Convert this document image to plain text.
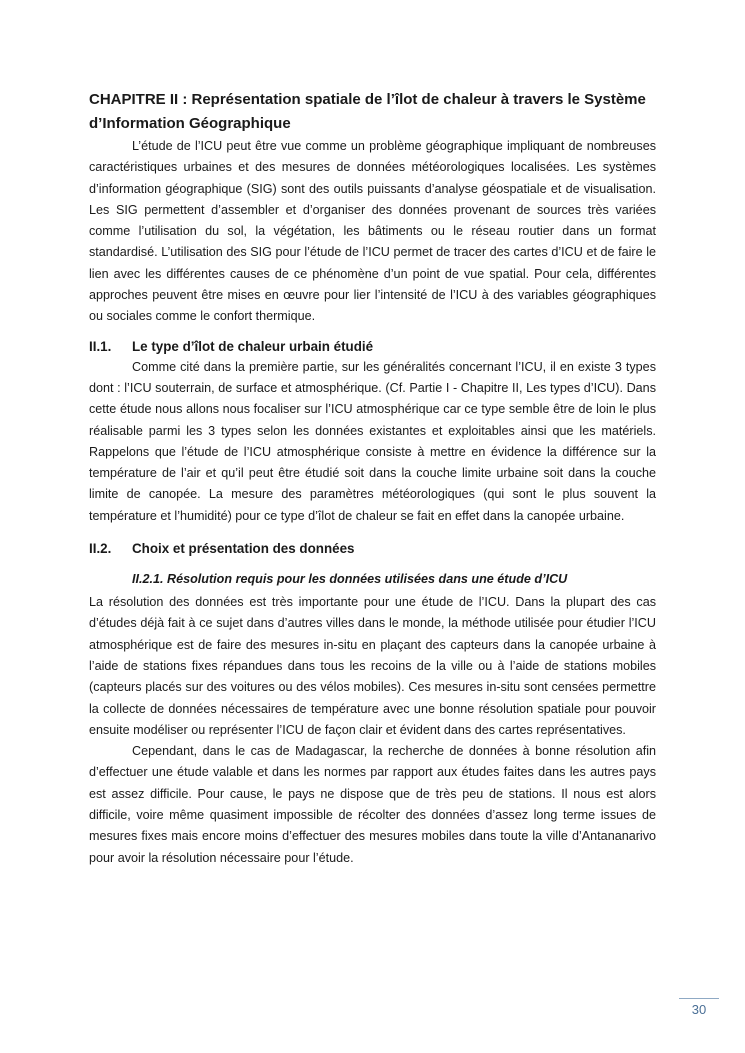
CHAPITRE II : Représentation spatiale de l’îlot de chaleur à travers le Système d’Information Géographique

L’étude de l’ICU peut être vue comme un problème géographique impliquant de nombreuses caractéristiques urbaines et des mesures de données météorologiques localisées. Les systèmes d’information géographique (SIG) sont des outils puissants d’analyse géospatiale et de visualisation. Les SIG permettent d’assembler et d’organiser des données provenant de sources très variées comme l’utilisation du sol, la végétation, les bâtiments ou le réseau routier dans un format standardisé. L’utilisation des SIG pour l’étude de l’ICU permet de tracer des cartes d’ICU et de faire le lien avec les différentes causes de ce phénomène d’un point de vue spatial. Pour cela, différentes approches peuvent être mises en œuvre pour lier l’intensité de l’ICU à des variables géographiques ou sociales comme le confort thermique.

II.1.	Le type d’îlot de chaleur urbain étudié

Comme cité dans la première partie, sur les généralités concernant l’ICU, il en existe 3 types dont : l’ICU souterrain, de surface et atmosphérique. (Cf. Partie I - Chapitre II, Les types d’ICU). Dans cette étude nous allons nous focaliser sur l’ICU atmosphérique car ce type semble être de loin le plus réalisable parmi les 3 types selon les données existantes et exploitables ainsi que les matériels. Rappelons que l’étude de l’ICU atmosphérique consiste à mettre en évidence la différence sur la température de l’air et qu’il peut être étudié soit dans la couche limite urbaine soit dans la couche limite de canopée. La mesure des paramètres météorologiques (qui sont le plus souvent la température et l’humidité) pour ce type d’îlot de chaleur se fait en effet dans la canopée urbaine.

II.2.	Choix et présentation des données
II.2.1. Résolution requis pour les données utilisées dans une étude d’ICU

La résolution des données est très importante pour une étude de l’ICU. Dans la plupart des cas d’études déjà fait à ce sujet dans d’autres villes dans le monde, la méthode utilisée pour étudier l’ICU atmosphérique est de faire des mesures in-situ en plaçant des capteurs dans la canopée urbaine à l’aide de stations fixes répandues dans tous les recoins de la ville ou à l’aide de stations mobiles (capteurs placés sur des voitures ou des vélos mobiles). Ces mesures in-situ sont censées permettre la collecte de données nécessaires de température avec une bonne résolution spatiale pour pouvoir ensuite modéliser ou représenter l’ICU de façon clair et évident dans des cartes représentatives.

Cependant, dans le cas de Madagascar, la recherche de données à bonne résolution afin d’effectuer une étude valable et dans les normes par rapport aux études faites dans les autres pays est assez difficile. Pour cause, le pays ne dispose que de très peu de stations. Il nous est alors difficile, voire même quasiment impossible de récolter des données d’assez long terme issues de mesures fixes mais encore moins d’effectuer des mesures mobiles dans toute la ville d’Antananarivo pour avoir la résolution nécessaire pour l’étude.

30
